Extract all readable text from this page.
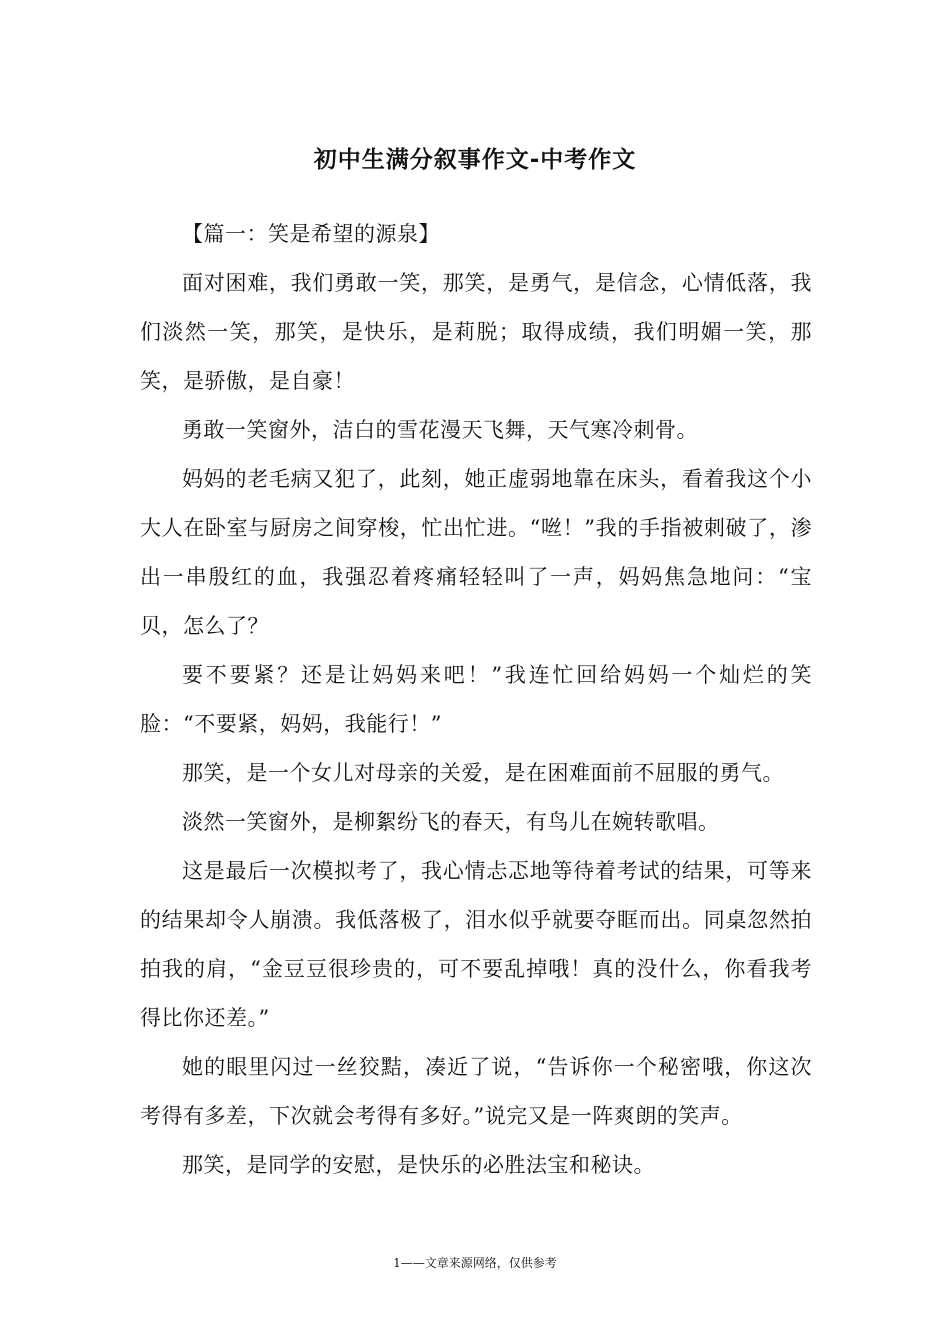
初中生满分叙事作文-中考作文

【篇一：笑是希望的源泉】

面对困难，我们勇敢一笑，那笑，是勇气，是信念，心情低落，我们淡然一笑，那笑，是快乐，是莉脱；取得成绩，我们明媚一笑，那笑，是骄傲，是自豪！

勇敢一笑窗外，洁白的雪花漫天飞舞，天气寒冷刺骨。

妈妈的老毛病又犯了，此刻，她正虚弱地靠在床头，看着我这个小大人在卧室与厨房之间穿梭，忙出忙进。“咝！”我的手指被刺破了，渗出一串殷红的血，我强忍着疼痛轻轻叫了一声，妈妈焦急地问：“宝贝，怎么了？

要不要紧？还是让妈妈来吧！”我连忙回给妈妈一个灿烂的笑脸：“不要紧，妈妈，我能行！”

那笑，是一个女儿对母亲的关爱，是在困难面前不屈服的勇气。

淡然一笑窗外，是柳絮纷飞的春天，有鸟儿在婉转歌唱。

这是最后一次模拟考了，我心情忐忑地等待着考试的结果，可等来的结果却令人崩溃。我低落极了，泪水似乎就要夺眶而出。同桌忽然拍拍我的肩，“金豆豆很珍贵的，可不要乱掉哦！真的没什么，你看我考得比你还差。”

她的眼里闪过一丝狡黠，凑近了说，“告诉你一个秘密哦，你这次考得有多差，下次就会考得有多好。”说完又是一阵爽朗的笑声。

那笑，是同学的安慰，是快乐的必胜法宝和秘诀。

1——文章来源网络，仅供参考
